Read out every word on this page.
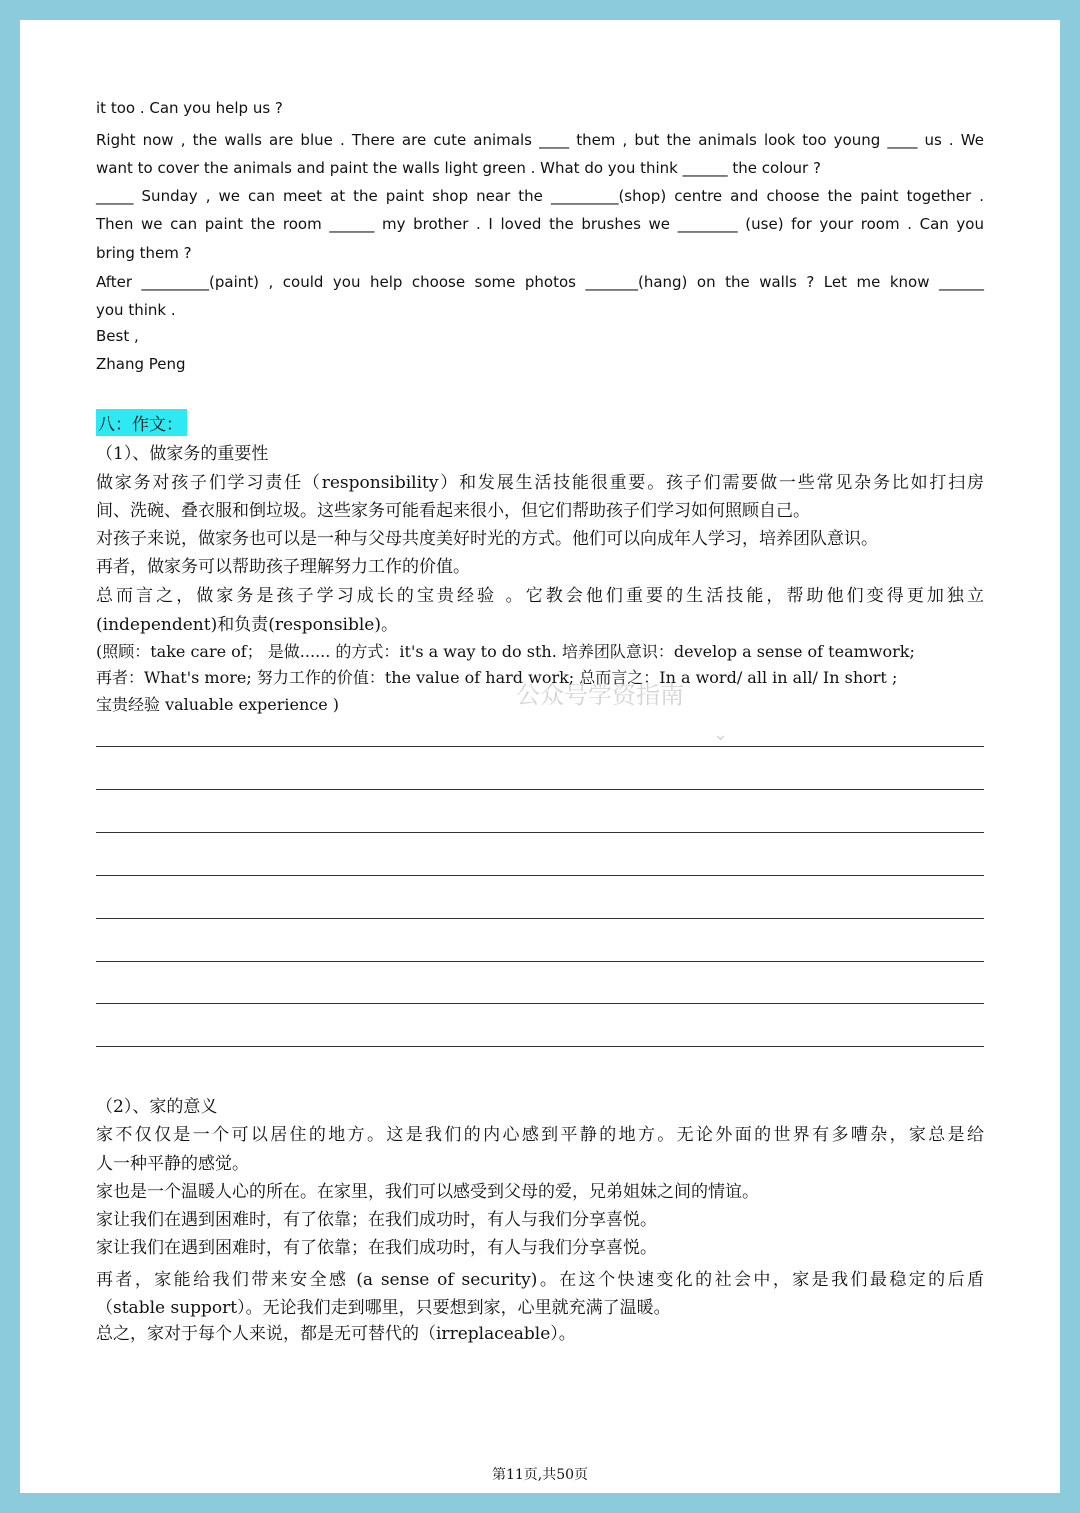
it too . Can you help us ?
Right now , the walls are blue . There are cute animals ____ them , but the animals look too young ____ us . We
want to cover the animals and paint the walls light green . What do you think ______ the colour ?
_____ Sunday , we can meet at the paint shop near the _________(shop) centre and choose the paint together .
Then we can paint the room ______ my brother . I loved the brushes we ________ (use) for your room . Can you
bring them ?
After _________(paint) , could you help choose some photos _______(hang) on the walls ? Let me know ______
you think .
Best ,
Zhang Peng
八：作文：
（1）、做家务的重要性
做家务对孩子们学习责任（responsibility）和发展生活技能很重要。孩子们需要做一些常见杂务比如打扫房
间、洗碗、叠衣服和倒垃圾。这些家务可能看起来很小，但它们帮助孩子们学习如何照顾自己。
对孩子来说，做家务也可以是一种与父母共度美好时光的方式。他们可以向成年人学习，培养团队意识。
再者，做家务可以帮助孩子理解努力工作的价值。
总而言之，做家务是孩子学习成长的宝贵经验 。它教会他们重要的生活技能，帮助他们变得更加独立
(independent)和负责(responsible)。
(照顾：take care of； 是做...... 的方式：it's a way to do sth. 培养团队意识：develop a sense of teamwork;
再者：What's more; 努力工作的价值：the value of hard work; 总而言之：In a word/ all in all/ In short ;
宝贵经验 valuable experience )
（2）、家的意义
家不仅仅是一个可以居住的地方。这是我们的内心感到平静的地方。无论外面的世界有多嘈杂，家总是给
人一种平静的感觉。
家也是一个温暖人心的所在。在家里，我们可以感受到父母的爱，兄弟姐妹之间的情谊。
家让我们在遇到困难时，有了依靠；在我们成功时，有人与我们分享喜悦。
家让我们在遇到困难时，有了依靠；在我们成功时，有人与我们分享喜悦。
再者，家能给我们带来安全感 (a sense of security)。在这个快速变化的社会中，家是我们最稳定的后盾
（stable support）。无论我们走到哪里，只要想到家，心里就充满了温暖。
总之，家对于每个人来说，都是无可替代的（irreplaceable）。
公众号学资指南
⌄
第11页,共50页
